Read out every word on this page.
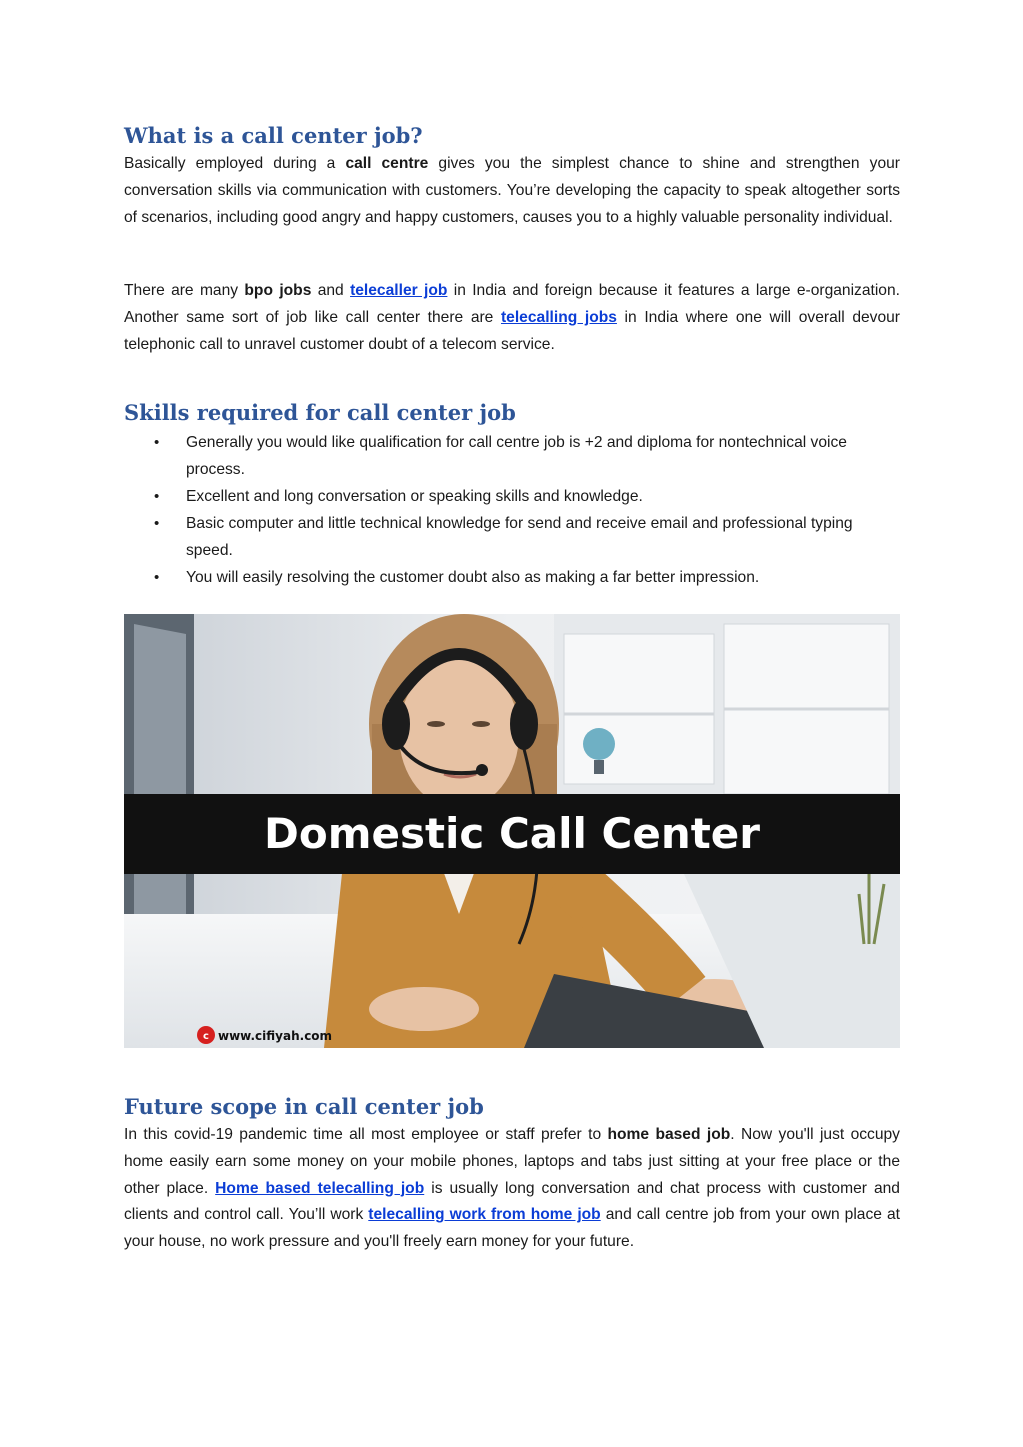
What is a call center job?

Basically employed during a call centre gives you the simplest chance to shine and strengthen your conversation skills via communication with customers. You’re developing the capacity to speak altogether sorts of scenarios, including good angry and happy customers, causes you to a highly valuable personality individual.

There are many bpo jobs and telecaller job in India and foreign because it features a large e-organization. Another same sort of job like call center there are telecalling jobs in India where one will overall devour telephonic call to unravel customer doubt of a telecom service.

Skills required for call center job
• Generally you would like qualification for call centre job is +2 and diploma for nontechnical voice process.
• Excellent and long conversation or speaking skills and knowledge.
• Basic computer and little technical knowledge for send and receive email and professional typing speed.
• You will easily resolving the customer doubt also as making a far better impression.
Domestic Call Center
c www.cifiyah.com
Future scope in call center job

In this covid-19 pandemic time all most employee or staff prefer to home based job. Now you'll just occupy home easily earn some money on your mobile phones, laptops and tabs just sitting at your free place or the other place. Home based telecalling job is usually long conversation and chat process with customer and clients and control call. You’ll work telecalling work from home job and call centre job from your own place at your house, no work pressure and you'll freely earn money for your future.
